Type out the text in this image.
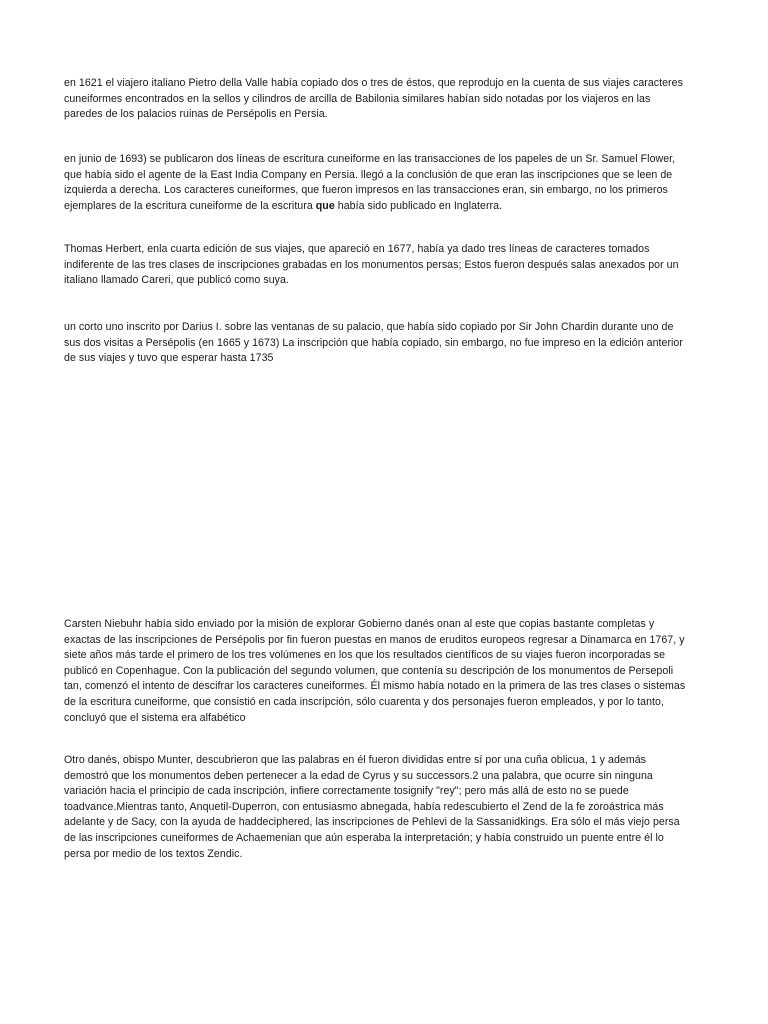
en 1621 el viajero italiano Pietro della Valle había copiado dos o tres de éstos, que reprodujo en la cuenta de sus viajes caracteres
cuneiformes encontrados en la sellos y cilindros de arcilla de Babilonia similares habían sido notadas por los viajeros en las
paredes de los palacios ruinas de Persépolis en Persia.

en junio de 1693) se publicaron dos líneas de escritura cuneiforme en las transacciones de los papeles de un Sr. Samuel Flower,
que había sido el agente de la East India Company en Persia. llegó a la conclusión de que eran las inscripciones que se leen de
izquierda a derecha. Los caracteres cuneiformes, que fueron impresos en las transacciones eran, sin embargo, no los primeros
ejemplares de la escritura cuneiforme de la escritura que había sido publicado en Inglaterra.

Thomas Herbert, enla cuarta edición de sus viajes, que apareció en 1677, había ya dado tres líneas de caracteres tomados
indiferente de las tres clases de inscripciones grabadas en los monumentos persas; Estos fueron después salas anexados por un
italiano llamado Careri, que publicó como suya.

un corto uno inscrito por Darius I. sobre las ventanas de su palacio, que había sido copiado por Sir John Chardin durante uno de
sus dos visitas a Persépolis (en 1665 y 1673) La inscripción que había copiado, sin embargo, no fue impreso en la edición anterior
de sus viajes y tuvo que esperar hasta 1735

Carsten Niebuhr había sido enviado por la misión de explorar Gobierno danés onan al este que copias bastante completas y
exactas de las inscripciones de Persépolis por fin fueron puestas en manos de eruditos europeos regresar a Dinamarca en 1767, y
siete años más tarde el primero de los tres volúmenes en los que los resultados científicos de su viajes fueron incorporadas se
publicó en Copenhague. Con la publicación del segundo volumen, que contenía su descripción de los monumentos de Persepoli
tan, comenzó el intento de descifrar los caracteres cuneiformes. Él mismo había notado en la primera de las tres clases o sistemas
de la escritura cuneiforme, que consistió en cada inscripción, sólo cuarenta y dos personajes fueron empleados, y por lo tanto,
concluyó que el sistema era alfabético

Otro danés, obispo Munter, descubrieron que las palabras en él fueron divididas entre sí por una cuña oblicua, 1 y además
demostró que los monumentos deben pertenecer a la edad de Cyrus y su successors.2 una palabra, que ocurre sin ninguna
variación hacia el principio de cada inscripción, infiere correctamente tosignify "rey"; pero más allá de esto no se puede
toadvance.Mientras tanto, Anquetil-Duperron, con entusiasmo abnegada, había redescubierto el Zend de la fe zoroástrica más
adelante y de Sacy, con la ayuda de haddeciphered, las inscripciones de Pehlevi de la Sassanidkings. Era sólo el más viejo persa
de las inscripciones cuneiformes de Achaemenian que aún esperaba la interpretación; y había construido un puente entre él lo
persa por medio de los textos Zendic.
